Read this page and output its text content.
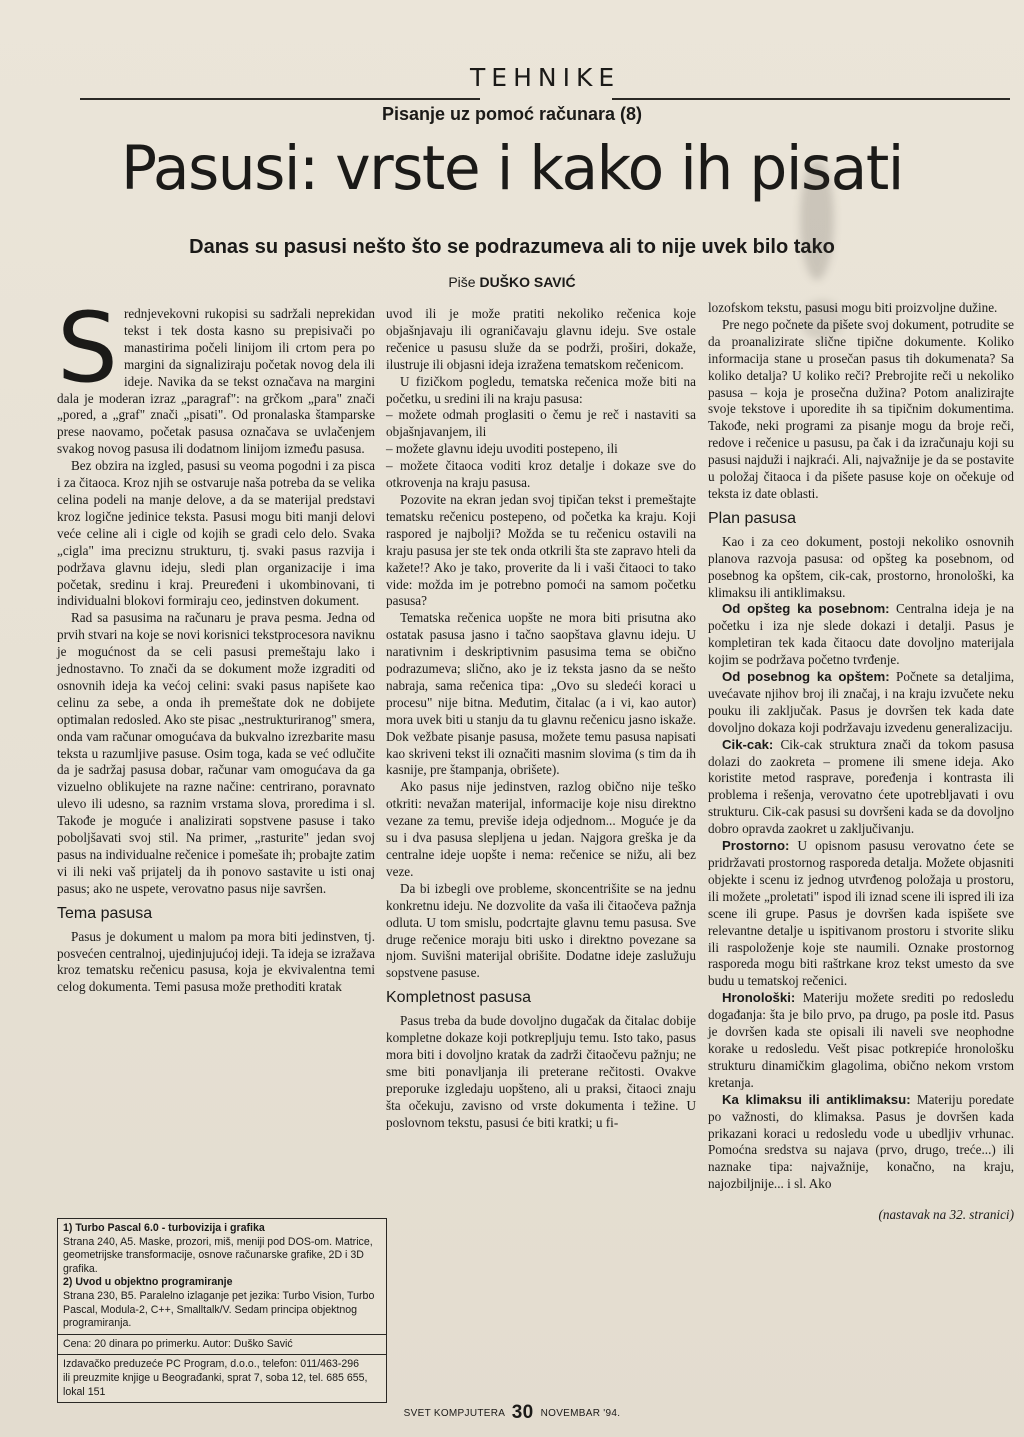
TEHNIKE
Pisanje uz pomoć računara (8)
Pasusi: vrste i kako ih pisati
Danas su pasusi nešto što se podrazumeva ali to nije uvek bilo tako
Piše DUŠKO SAVIĆ
S rednjevekovni rukopisi su sadržali neprekidan tekst i tek dosta kasno su prepisivači po manastirima počeli linijom ili crtom pera po margini da signaliziraju početak novog dela ili ideje. Navika da se tekst označava na margini dala je moderan izraz „paragraf": na grčkom „para" znači „pored, a „graf" znači „pisati". Od pronalaska štamparske prese naovamo, početak pasusa označava se uvlačenjem svakog novog pasusa ili dodatnom linijom između pasusa.

Bez obzira na izgled, pasusi su veoma pogodni i za pisca i za čitaoca. Kroz njih se ostvaruje naša potreba da se velika celina podeli na manje delove, a da se materijal predstavi kroz logične jedinice teksta. Pasusi mogu biti manji delovi veće celine ali i cigle od kojih se gradi celo delo. Svaka „cigla" ima preciznu strukturu, tj. svaki pasus razvija i podržava glavnu ideju, sledi plan organizacije i ima početak, sredinu i kraj. Preuređeni i ukombinovani, ti individualni blokovi formiraju ceo, jedinstven dokument.

Rad sa pasusima na računaru je prava pesma. Jedna od prvih stvari na koje se novi korisnici tekstprocesora naviknu je mogućnost da se celi pasusi premeštaju lako i jednostavno. To znači da se dokument može izgraditi od osnovnih ideja ka većoj celini: svaki pasus napišete kao celinu za sebe, a onda ih premeštate dok ne dobijete optimalan redosled. Ako ste pisac „nestrukturiranog" smera, onda vam računar omogućava da bukvalno izrezbarite masu teksta u razumljive pasuse. Osim toga, kada se već odlučite da je sadržaj pasusa dobar, računar vam omogućava da ga vizuelno oblikujete na razne načine: centrirano, poravnato ulevo ili udesno, sa raznim vrstama slova, proredima i sl. Takođe je moguće i analizirati sopstvene pasuse i tako poboljšavati svoj stil. Na primer, „rasturite" jedan svoj pasus na individualne rečenice i pomešate ih; probajte zatim vi ili neki vaš prijatelj da ih ponovo sastavite u isti onaj pasus; ako ne uspete, verovatno pasus nije savršen.

Tema pasusa

Pasus je dokument u malom pa mora biti jedinstven, tj. posvećen centralnoj, ujedinjujućoj ideji. Ta ideja se izražava kroz tematsku rečenicu pasusa, koja je ekvivalentna temi celog dokumenta. Temi pasusa može prethoditi kratak

uvod ili je može pratiti nekoliko rečenica koje objašnjavaju ili ograničavaju glavnu ideju. Sve ostale rečenice u pasusu služe da se podrži, proširi, dokaže, ilustruje ili objasni ideja izražena tematskom rečenicom.

U fizičkom pogledu, tematska rečenica može biti na početku, u sredini ili na kraju pasusa:

– možete odmah proglasiti o čemu je reč i nastaviti sa objašnjavanjem, ili

– možete glavnu ideju uvoditi postepeno, ili

– možete čitaoca voditi kroz detalje i dokaze sve do otkrovenja na kraju pasusa.

Pozovite na ekran jedan svoj tipičan tekst i premeštajte tematsku rečenicu postepeno, od početka ka kraju. Koji raspored je najbolji? Možda se tu rečenicu ostavili na kraju pasusa jer ste tek onda otkrili šta ste zapravo hteli da kažete!? Ako je tako, proverite da li i vaši čitaoci to tako vide: možda im je potrebno pomoći na samom početku pasusa?

Tematska rečenica uopšte ne mora biti prisutna ako ostatak pasusa jasno i tačno saopštava glavnu ideju. U narativnim i deskriptivnim pasusima tema se obično podrazumeva; slično, ako je iz teksta jasno da se nešto nabraja, sama rečenica tipa: „Ovo su sledeći koraci u procesu" nije bitna. Međutim, čitalac (a i vi, kao autor) mora uvek biti u stanju da tu glavnu rečenicu jasno iskaže. Dok vežbate pisanje pasusa, možete temu pasusa napisati kao skriveni tekst ili označiti masnim slovima (s tim da ih kasnije, pre štampanja, obrišete).

Ako pasus nije jedinstven, razlog obično nije teško otkriti: nevažan materijal, informacije koje nisu direktno vezane za temu, previše ideja odjednom... Moguće je da su i dva pasusa slepljena u jedan. Najgora greška je da centralne ideje uopšte i nema: rečenice se nižu, ali bez veze.

Da bi izbegli ove probleme, skoncentrišite se na jednu konkretnu ideju. Ne dozvolite da vaša ili čitaočeva pažnja odluta. U tom smislu, podcrtajte glavnu temu pasusa. Sve druge rečenice moraju biti usko i direktno povezane sa njom. Suvišni materijal obrišite. Dodatne ideje zaslužuju sopstvene pasuse.

Kompletnost pasusa

Pasus treba da bude dovoljno dugačak da čitalac dobije kompletne dokaze koji potkrepljuju temu. Isto tako, pasus mora biti i dovoljno kratak da zadrži čitaočevu pažnju; ne sme biti ponavljanja ili preterane rečitosti. Ovakve preporuke izgledaju uopšteno, ali u praksi, čitaoci znaju šta očekuju, zavisno od vrste dokumenta i težine. U poslovnom tekstu, pasusi će biti kratki; u fi-

lozofskom tekstu, pasusi mogu biti proizvoljne dužine.

Pre nego počnete da pišete svoj dokument, potrudite se da proanalizirate slične tipične dokumente. Koliko informacija stane u prosečan pasus tih dokumenata? Sa koliko detalja? U koliko reči? Prebrojite reči u nekoliko pasusa – koja je prosečna dužina? Potom analizirajte svoje tekstove i uporedite ih sa tipičnim dokumentima. Takođe, neki programi za pisanje mogu da broje reči, redove i rečenice u pasusu, pa čak i da izračunaju koji su pasusi najduži i najkraći. Ali, najvažnije je da se postavite u položaj čitaoca i da pišete pasuse koje on očekuje od teksta iz date oblasti.

Plan pasusa

Kao i za ceo dokument, postoji nekoliko osnovnih planova razvoja pasusa: od opšteg ka posebnom, od posebnog ka opštem, cik-cak, prostorno, hronološki, ka klimaksu ili antiklimaksu.

Od opšteg ka posebnom: Centralna ideja je na početku i iza nje slede dokazi i detalji. Pasus je kompletiran tek kada čitaocu date dovoljno materijala kojim se podržava početno tvrđenje.

Od posebnog ka opštem: Počnete sa detaljima, uvećavate njihov broj ili značaj, i na kraju izvučete neku pouku ili zaključak. Pasus je dovršen tek kada date dovoljno dokaza koji podržavaju izvedenu generalizaciju.

Cik-cak: Cik-cak struktura znači da tokom pasusa dolazi do zaokreta – promene ili smene ideja. Ako koristite metod rasprave, poređenja i kontrasta ili problema i rešenja, verovatno ćete upotrebljavati i ovu strukturu. Cik-cak pasusi su dovršeni kada se da dovoljno dobro opravda zaokret u zaključivanju.

Prostorno: U opisnom pasusu verovatno ćete se pridržavati prostornog rasporeda detalja. Možete objasniti objekte i scenu iz jednog utvrđenog položaja u prostoru, ili možete „proletati" ispod ili iznad scene ili ispred ili iza scene ili grupe. Pasus je dovršen kada ispišete sve relevantne detalje u ispitivanom prostoru i stvorite sliku ili raspoloženje koje ste naumili. Oznake prostornog rasporeda mogu biti raštrkane kroz tekst umesto da sve budu u tematskoj rečenici.

Hronološki: Materiju možete srediti po redosledu događanja: šta je bilo prvo, pa drugo, pa posle itd. Pasus je dovršen kada ste opisali ili naveli sve neophodne korake u redosledu. Vešt pisac potkrepiće hronološku strukturu dinamičkim glagolima, obično nekom vrstom kretanja.

Ka klimaksu ili antiklimaksu: Materiju poredate po važnosti, do klimaksa. Pasus je dovršen kada prikazani koraci u redosledu vode u ubedljiv vrhunac. Pomoćna sredstva su najava (prvo, drugo, treće...) ili naznake tipa: najvažnije, konačno, na kraju, najozbiljnije... i sl. Ako

(nastavak na 32. stranici)
1) Turbo Pascal 6.0 - turbovizija i grafika
Strana 240, A5. Maske, prozori, miš, meniji pod DOS-om. Matrice, geometrijske transformacije, osnove računarske grafike, 2D i 3D grafika.
2) Uvod u objektno programiranje
Strana 230, B5. Paralelno izlaganje pet jezika: Turbo Vision, Turbo Pascal, Modula-2, C++, Smalltalk/V. Sedam principa objektnog programiranja.
Cena: 20 dinara po primerku. Autor: Duško Savić
Izdavačko preduzeće PC Program, d.o.o., telefon: 011/463-296
ili preuzmite knjige u Beograđanki, sprat 7, soba 12, tel. 685 655, lokal 151
SVET KOMPJUTERA 30 NOVEMBAR '94.
